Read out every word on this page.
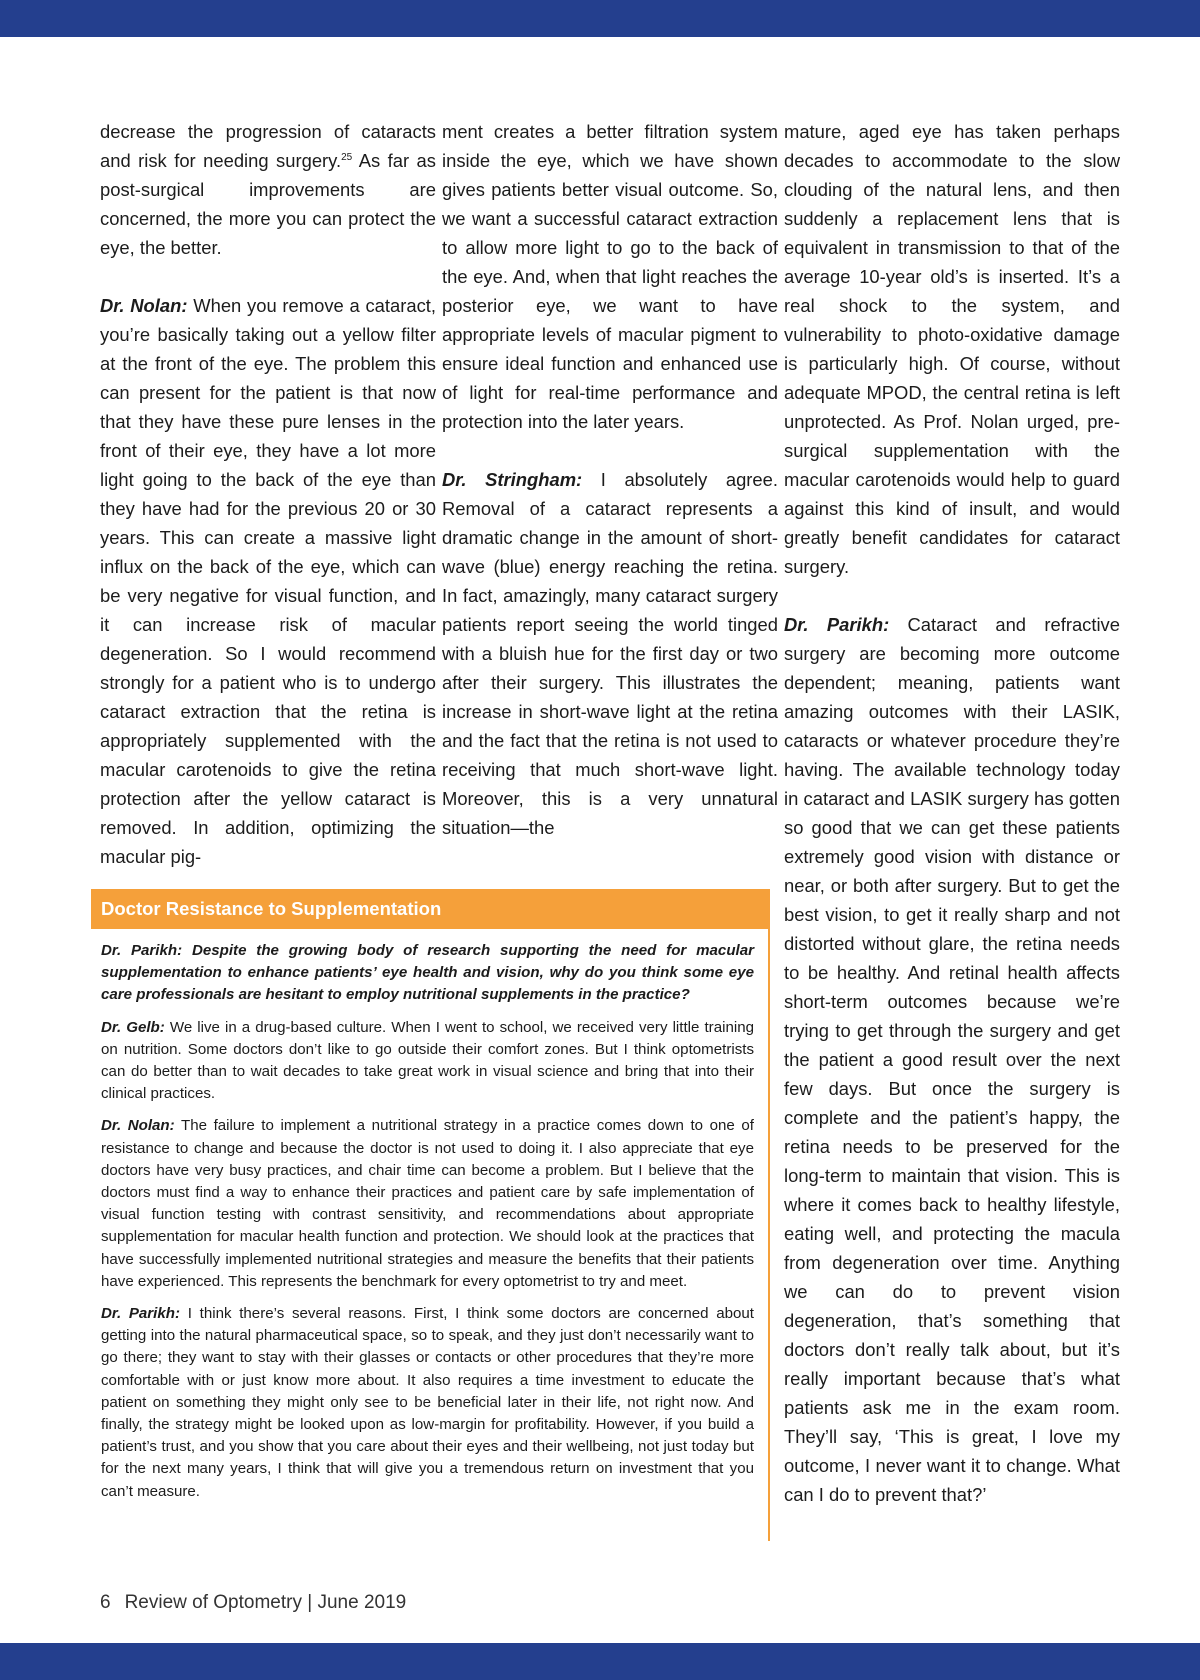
decrease the progression of cataracts and risk for needing surgery.$^{25}$ As far as post-surgical improvements are concerned, the more you can protect the eye, the better.

Dr. Nolan: When you remove a cataract, you’re basically taking out a yellow filter at the front of the eye. The problem this can present for the patient is that now that they have these pure lenses in the front of their eye, they have a lot more light going to the back of the eye than they have had for the previous 20 or 30 years. This can create a massive light influx on the back of the eye, which can be very negative for visual function, and it can increase risk of macular degeneration. So I would recommend strongly for a patient who is to undergo cataract extraction that the retina is appropriately supplemented with the macular carotenoids to give the retina protection after the yellow cataract is removed. In addition, optimizing the macular pig-

ment creates a better filtration system inside the eye, which we have shown gives patients better visual outcome. So, we want a successful cataract extraction to allow more light to go to the back of the eye. And, when that light reaches the posterior eye, we want to have appropriate levels of macular pigment to ensure ideal function and enhanced use of light for real-time performance and protection into the later years.

Dr. Stringham: I absolutely agree. Removal of a cataract represents a dramatic change in the amount of short-wave (blue) energy reaching the retina. In fact, amazingly, many cataract surgery patients report seeing the world tinged with a bluish hue for the first day or two after their surgery. This illustrates the increase in short-wave light at the retina and the fact that the retina is not used to receiving that much short-wave light. Moreover, this is a very unnatural situation—the

mature, aged eye has taken perhaps decades to accommodate to the slow clouding of the natural lens, and then suddenly a replacement lens that is equivalent in transmission to that of the average 10-year old’s is inserted. It’s a real shock to the system, and vulnerability to photo-oxidative damage is particularly high. Of course, without adequate MPOD, the central retina is left unprotected. As Prof. Nolan urged, pre-surgical supplementation with the macular carotenoids would help to guard against this kind of insult, and would greatly benefit candidates for cataract surgery.

Dr. Parikh: Cataract and refractive surgery are becoming more outcome dependent; meaning, patients want amazing outcomes with their LASIK, cataracts or whatever procedure they’re having. The available technology today in cataract and LASIK surgery has gotten so good that we can get these patients extremely good vision with distance or near, or both after surgery. But to get the best vision, to get it really sharp and not distorted without glare, the retina needs to be healthy. And retinal health affects short-term outcomes because we’re trying to get through the surgery and get the patient a good result over the next few days. But once the surgery is complete and the patient’s happy, the retina needs to be preserved for the long-term to maintain that vision. This is where it comes back to healthy lifestyle, eating well, and protecting the macula from degeneration over time. Anything we can do to prevent vision degeneration, that’s something that doctors don’t really talk about, but it’s really important because that’s what patients ask me in the exam room. They’ll say, ‘This is great, I love my outcome, I never want it to change. What can I do to prevent that?’

Doctor Resistance to Supplementation

Dr. Parikh: Despite the growing body of research supporting the need for macular supplementation to enhance patients’ eye health and vision, why do you think some eye care professionals are hesitant to employ nutritional supplements in the practice?

Dr. Gelb: We live in a drug-based culture. When I went to school, we received very little training on nutrition. Some doctors don’t like to go outside their comfort zones. But I think optometrists can do better than to wait decades to take great work in visual science and bring that into their clinical practices.

Dr. Nolan: The failure to implement a nutritional strategy in a practice comes down to one of resistance to change and because the doctor is not used to doing it. I also appreciate that eye doctors have very busy practices, and chair time can become a problem. But I believe that the doctors must find a way to enhance their practices and patient care by safe implementation of visual function testing with contrast sensitivity, and recommendations about appropriate supplementation for macular health function and protection. We should look at the practices that have successfully implemented nutritional strategies and measure the benefits that their patients have experienced. This represents the benchmark for every optometrist to try and meet.

Dr. Parikh: I think there’s several reasons. First, I think some doctors are concerned about getting into the natural pharmaceutical space, so to speak, and they just don’t necessarily want to go there; they want to stay with their glasses or contacts or other procedures that they’re more comfortable with or just know more about. It also requires a time investment to educate the patient on something they might only see to be beneficial later in their life, not right now. And finally, the strategy might be looked upon as low-margin for profitability. However, if you build a patient’s trust, and you show that you care about their eyes and their wellbeing, not just today but for the next many years, I think that will give you a tremendous return on investment that you can’t measure.

6 Review of Optometry | June 2019
